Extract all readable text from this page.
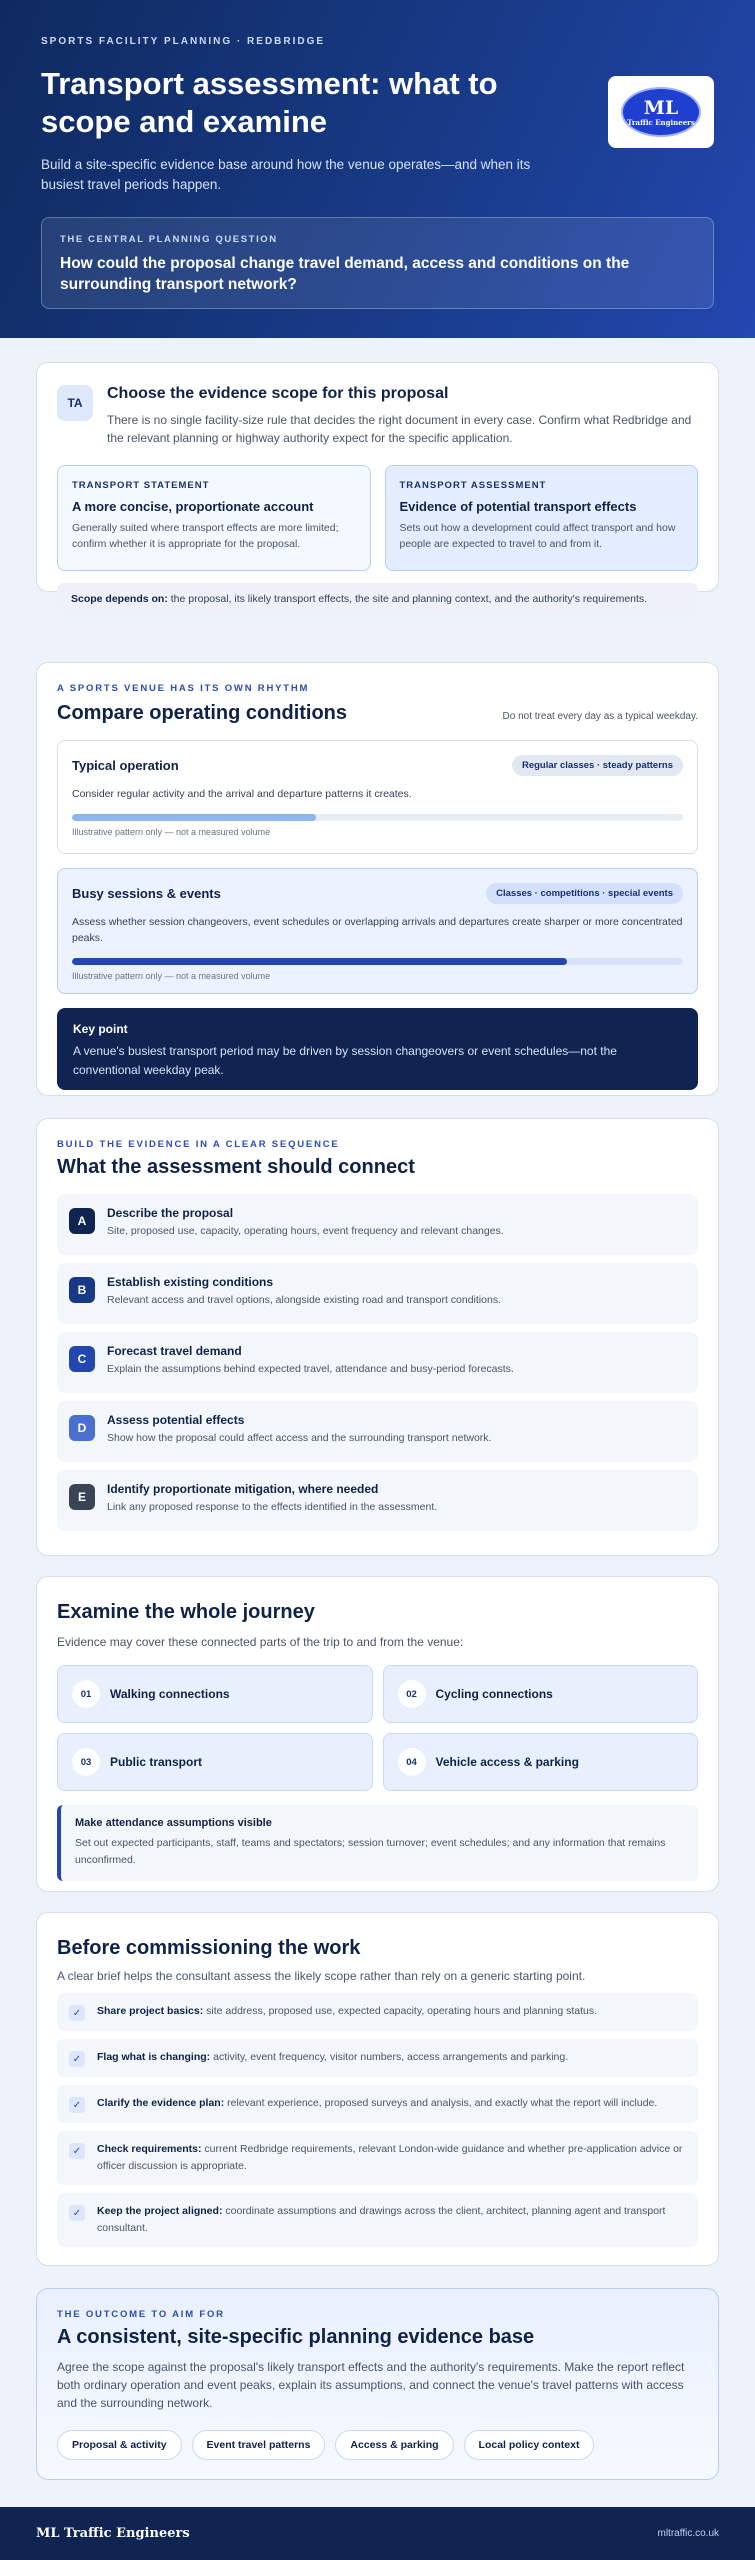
SPORTS FACILITY PLANNING · REDBRIDGE
Transport assessment: what to scope and examine

Build a site-specific evidence base around how the venue operates—and when its busiest travel periods happen.

ML
Traffic Engineers
THE CENTRAL PLANNING QUESTION
How could the proposal change travel demand, access and conditions on the surrounding transport network?
TA
Choose the evidence scope for this proposal

There is no single facility-size rule that decides the right document in every case. Confirm what Redbridge and the relevant planning or highway authority expect for the specific application.

TRANSPORT STATEMENT
A more concise, proportionate account
Generally suited where transport effects are more limited; confirm whether it is appropriate for the proposal.
TRANSPORT ASSESSMENT
Evidence of potential transport effects
Sets out how a development could affect transport and how people are expected to travel to and from it.
Scope depends on: the proposal, its likely transport effects, the site and planning context, and the authority's requirements.
A SPORTS VENUE HAS ITS OWN RHYTHM
Compare operating conditions	Do not treat every day as a typical weekday.
Typical operation	Regular classes · steady patterns
Consider regular activity and the arrival and departure patterns it creates.
Illustrative pattern only — not a measured volume
Busy sessions & events	Classes · competitions · special events
Assess whether session changeovers, event schedules or overlapping arrivals and departures create sharper or more concentrated peaks.
Illustrative pattern only — not a measured volume
Key point
A venue's busiest transport period may be driven by session changeovers or event schedules—not the conventional weekday peak.
BUILD THE EVIDENCE IN A CLEAR SEQUENCE
What the assessment should connect
A
Describe the proposal
Site, proposed use, capacity, operating hours, event frequency and relevant changes.
B
Establish existing conditions
Relevant access and travel options, alongside existing road and transport conditions.
C
Forecast travel demand
Explain the assumptions behind expected travel, attendance and busy-period forecasts.
D
Assess potential effects
Show how the proposal could affect access and the surrounding transport network.
E
Identify proportionate mitigation, where needed
Link any proposed response to the effects identified in the assessment.
Examine the whole journey

Evidence may cover these connected parts of the trip to and from the venue:

01	Walking connections	02	Cycling connections
03	Public transport	04	Vehicle access & parking
Make attendance assumptions visible
Set out expected participants, staff, teams and spectators; session turnover; event schedules; and any information that remains unconfirmed.
Before commissioning the work

A clear brief helps the consultant assess the likely scope rather than rely on a generic starting point.

✓	Share project basics: site address, proposed use, expected capacity, operating hours and planning status.
✓	Flag what is changing: activity, event frequency, visitor numbers, access arrangements and parking.
✓	Clarify the evidence plan: relevant experience, proposed surveys and analysis, and exactly what the report will include.
✓	Check requirements: current Redbridge requirements, relevant London-wide guidance and whether pre-application advice or officer discussion is appropriate.
✓	Keep the project aligned: coordinate assumptions and drawings across the client, architect, planning agent and transport consultant.
THE OUTCOME TO AIM FOR
A consistent, site-specific planning evidence base

Agree the scope against the proposal's likely transport effects and the authority's requirements. Make the report reflect both ordinary operation and event peaks, explain its assumptions, and connect the venue's travel patterns with access and the surrounding network.

Proposal & activity	Event travel patterns	Access & parking	Local policy context
ML Traffic Engineers	mltraffic.co.uk
